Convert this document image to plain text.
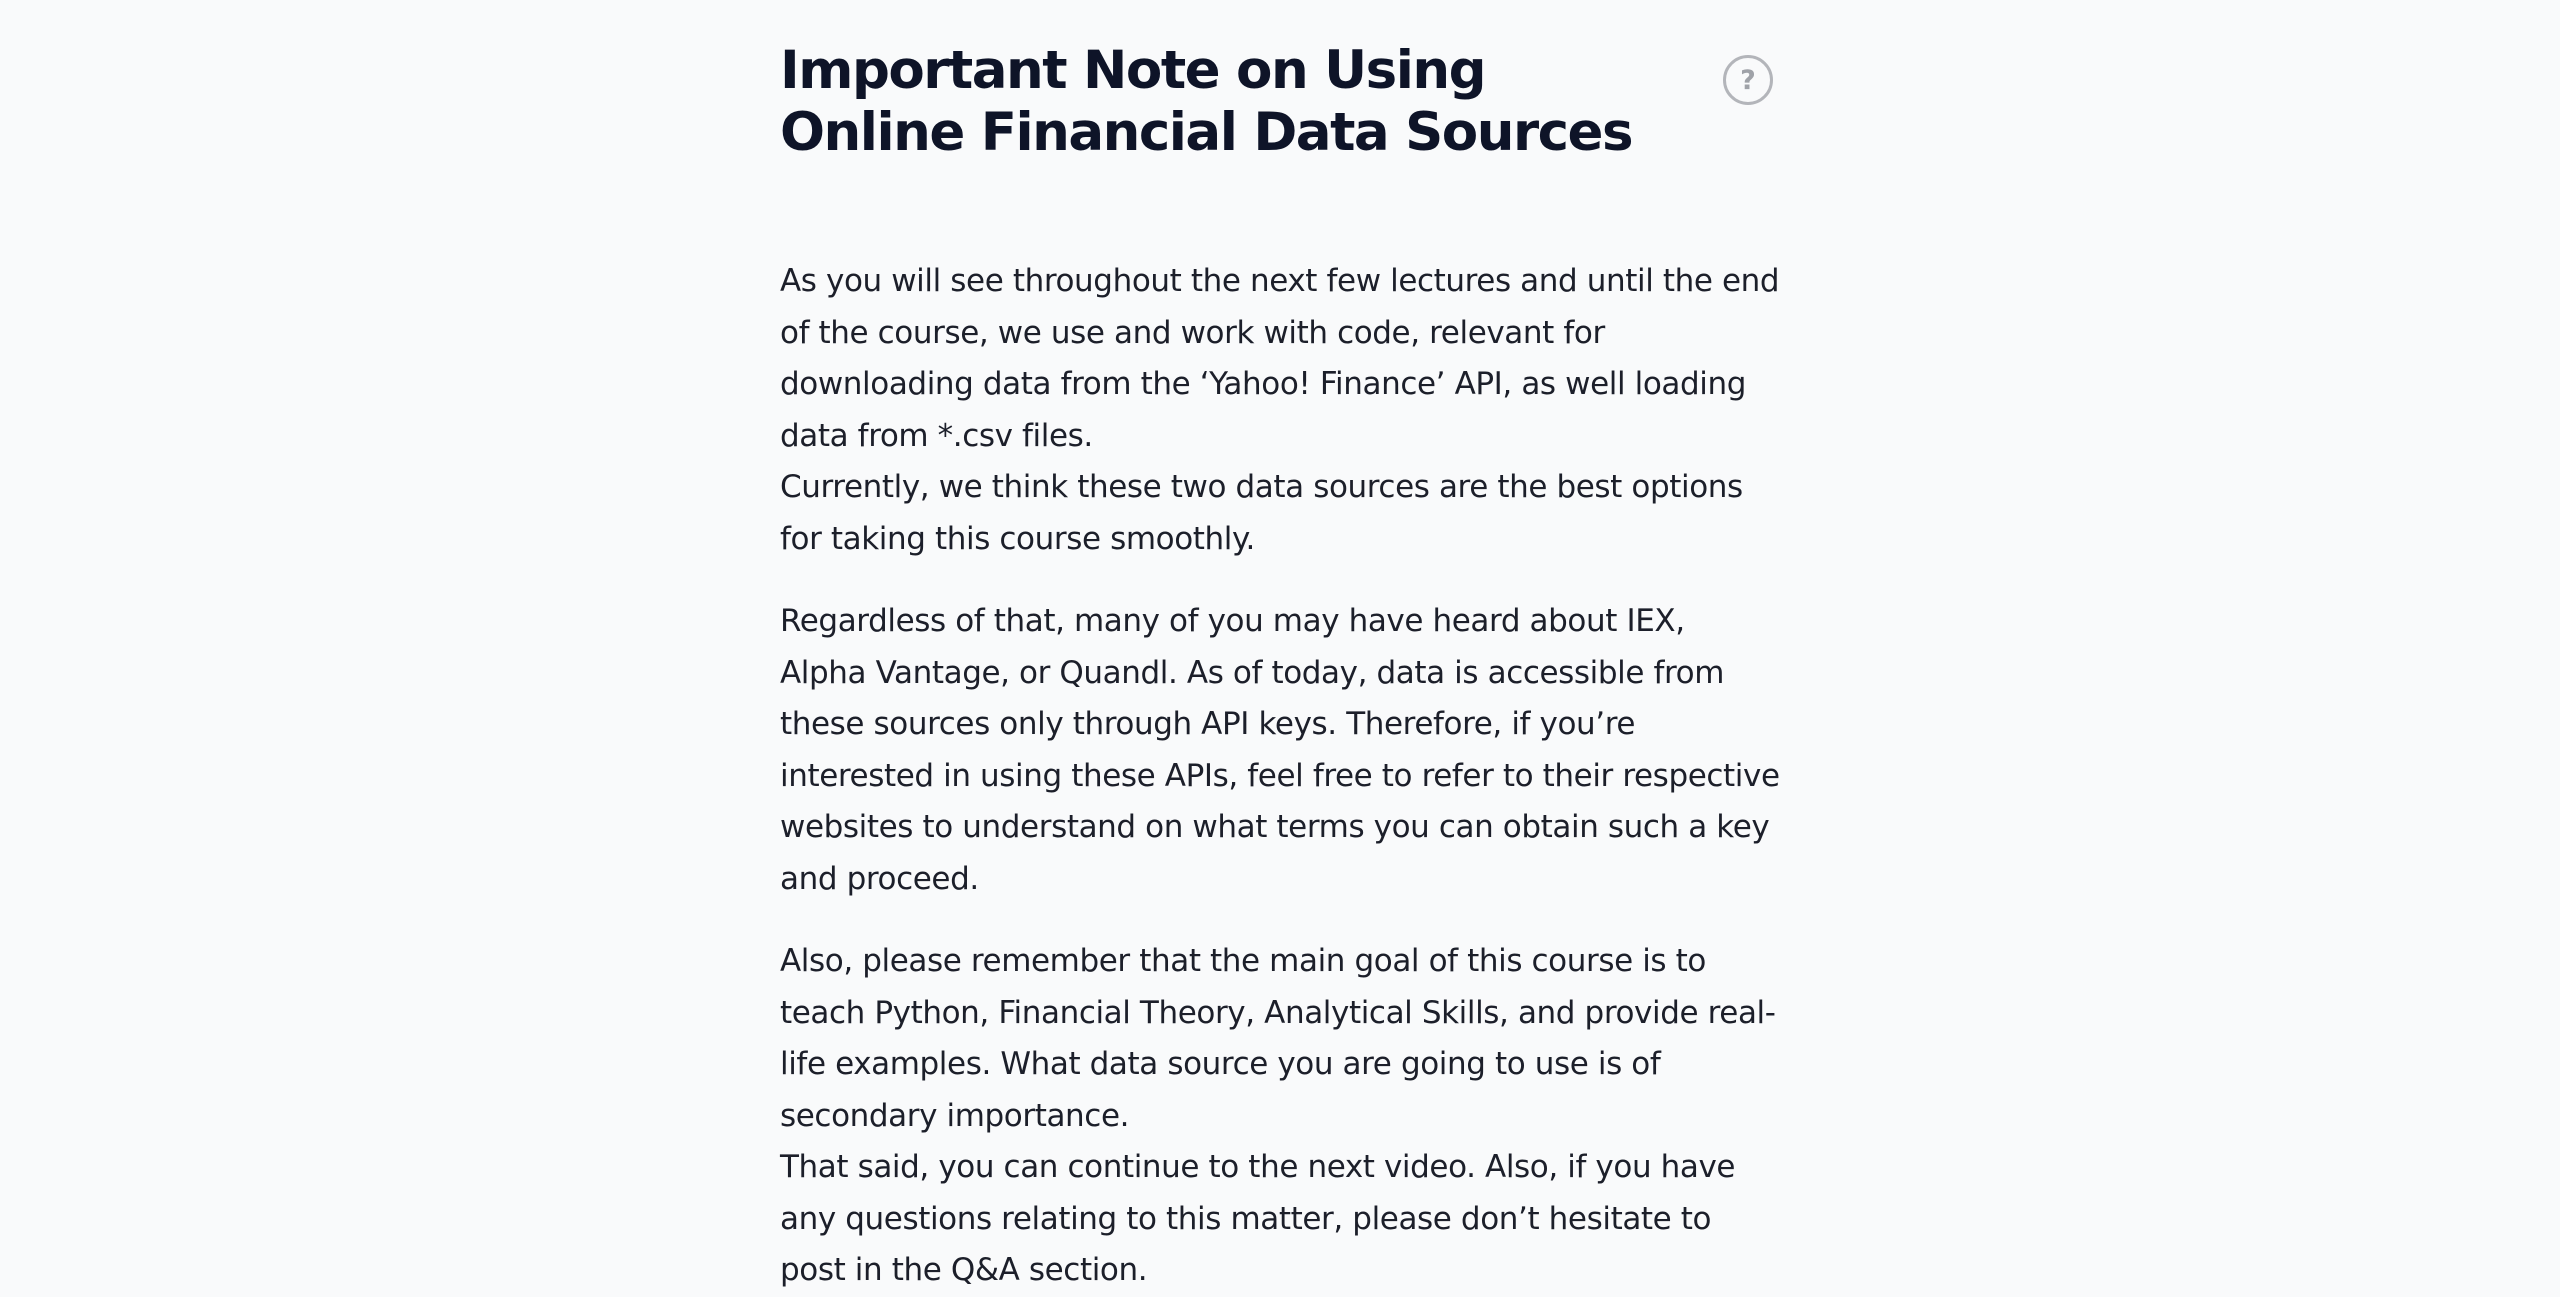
Important Note on Using Online Financial Data Sources

As you will see throughout the next few lectures and until the end of the course, we use and work with code, relevant for downloading data from the ‘Yahoo! Finance’ API, as well loading data from *.csv files.

Currently, we think these two data sources are the best options for taking this course smoothly.

Regardless of that, many of you may have heard about IEX, Alpha Vantage, or Quandl. As of today, data is accessible from these sources only through API keys. Therefore, if you’re interested in using these APIs, feel free to refer to their respective websites to understand on what terms you can obtain such a key and proceed.

Also, please remember that the main goal of this course is to teach Python, Financial Theory, Analytical Skills, and provide real-life examples. What data source you are going to use is of secondary importance.

That said, you can continue to the next video. Also, if you have any questions relating to this matter, please don’t hesitate to post in the Q&A section.

?
